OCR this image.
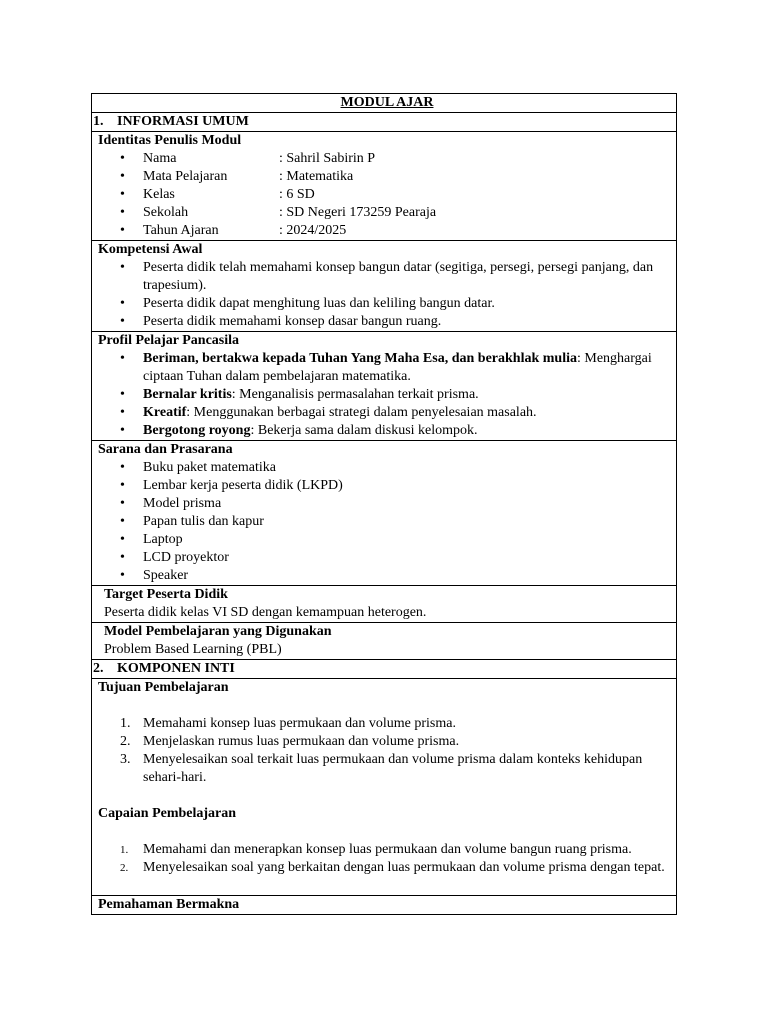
MODUL AJAR
1. INFORMASI UMUM

Identitas Penulis Modul
• Nama	: Sahril Sabirin P
• Mata Pelajaran	: Matematika
• Kelas	: 6 SD
• Sekolah	: SD Negeri 173259 Pearaja
• Tahun Ajaran	: 2024/2025

Kompetensi Awal
• Peserta didik telah memahami konsep bangun datar (segitiga, persegi, persegi panjang, dan trapesium).
• Peserta didik dapat menghitung luas dan keliling bangun datar.
• Peserta didik memahami konsep dasar bangun ruang.

Profil Pelajar Pancasila
• Beriman, bertakwa kepada Tuhan Yang Maha Esa, dan berakhlak mulia: Menghargai ciptaan Tuhan dalam pembelajaran matematika.
• Bernalar kritis: Menganalisis permasalahan terkait prisma.
• Kreatif: Menggunakan berbagai strategi dalam penyelesaian masalah.
• Bergotong royong: Bekerja sama dalam diskusi kelompok.

Sarana dan Prasarana
• Buku paket matematika
• Lembar kerja peserta didik (LKPD)
• Model prisma
• Papan tulis dan kapur
• Laptop
• LCD proyektor
• Speaker

Target Peserta Didik
Peserta didik kelas VI SD dengan kemampuan heterogen.

Model Pembelajaran yang Digunakan
Problem Based Learning (PBL)

2. KOMPONEN INTI

Tujuan Pembelajaran
1. Memahami konsep luas permukaan dan volume prisma.
2. Menjelaskan rumus luas permukaan dan volume prisma.
3. Menyelesaikan soal terkait luas permukaan dan volume prisma dalam konteks kehidupan sehari-hari.
Capaian Pembelajaran
1. Memahami dan menerapkan konsep luas permukaan dan volume bangun ruang prisma.
2. Menyelesaikan soal yang berkaitan dengan luas permukaan dan volume prisma dengan tepat.

Pemahaman Bermakna
